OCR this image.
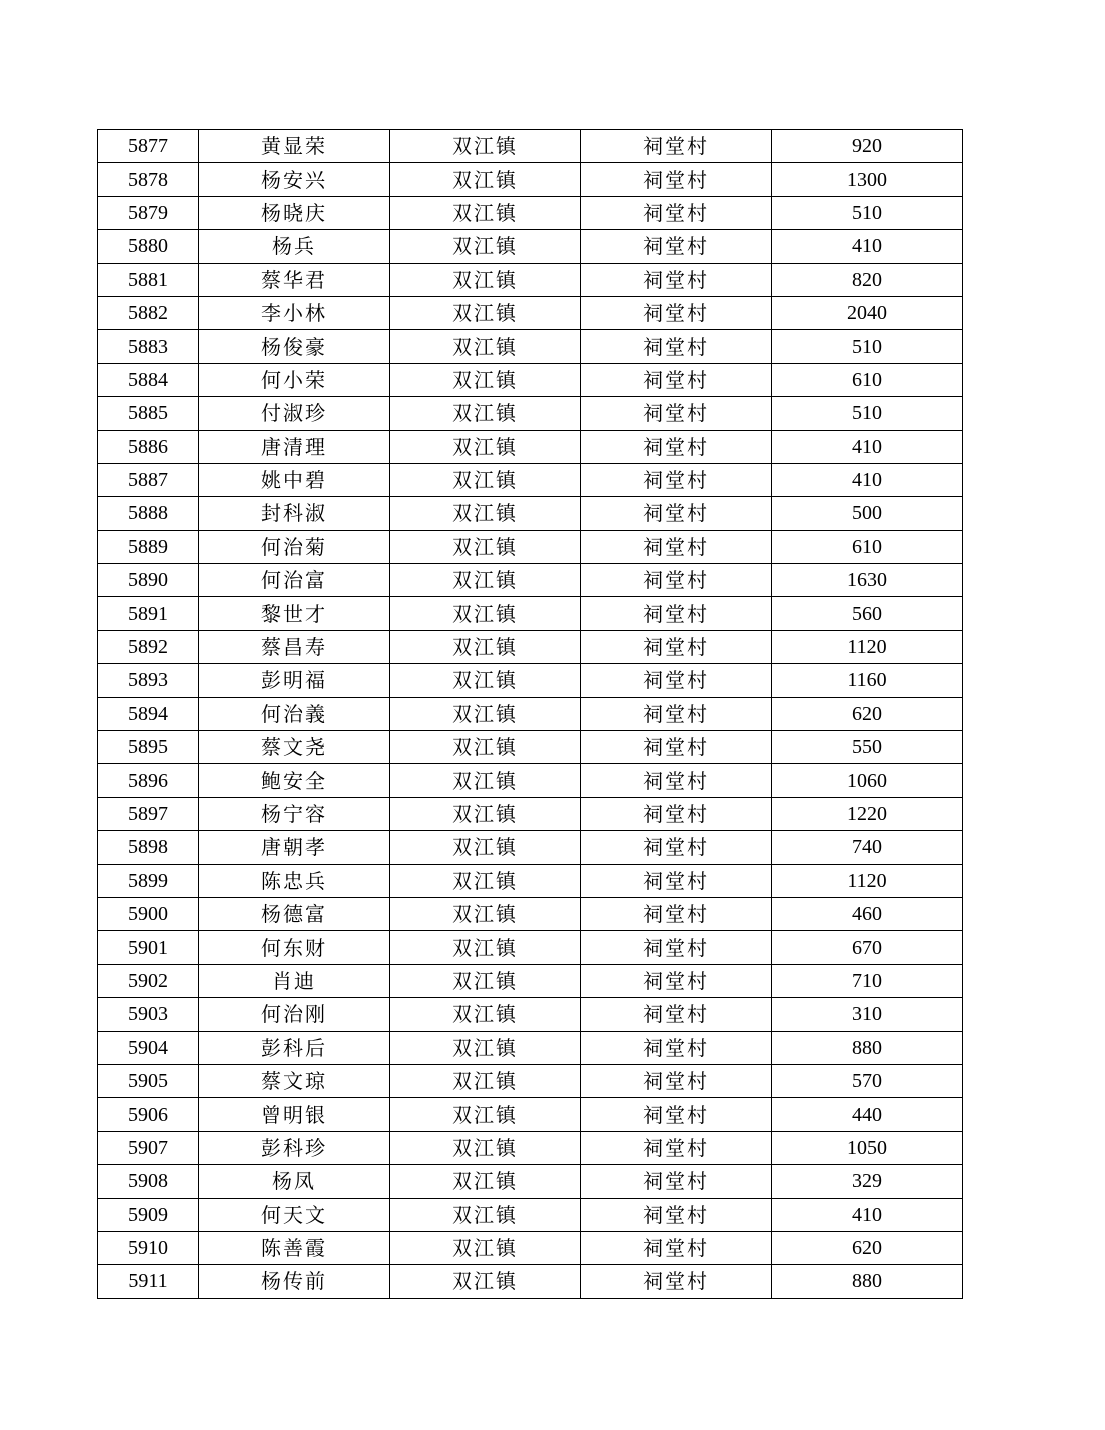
5877	黄显荣	双江镇	祠堂村	920
5878	杨安兴	双江镇	祠堂村	1300
5879	杨晓庆	双江镇	祠堂村	510
5880	杨兵	双江镇	祠堂村	410
5881	蔡华君	双江镇	祠堂村	820
5882	李小林	双江镇	祠堂村	2040
5883	杨俊豪	双江镇	祠堂村	510
5884	何小荣	双江镇	祠堂村	610
5885	付淑珍	双江镇	祠堂村	510
5886	唐清理	双江镇	祠堂村	410
5887	姚中碧	双江镇	祠堂村	410
5888	封科淑	双江镇	祠堂村	500
5889	何治菊	双江镇	祠堂村	610
5890	何治富	双江镇	祠堂村	1630
5891	黎世才	双江镇	祠堂村	560
5892	蔡昌寿	双江镇	祠堂村	1120
5893	彭明福	双江镇	祠堂村	1160
5894	何治義	双江镇	祠堂村	620
5895	蔡文尧	双江镇	祠堂村	550
5896	鲍安全	双江镇	祠堂村	1060
5897	杨宁容	双江镇	祠堂村	1220
5898	唐朝孝	双江镇	祠堂村	740
5899	陈忠兵	双江镇	祠堂村	1120
5900	杨德富	双江镇	祠堂村	460
5901	何东财	双江镇	祠堂村	670
5902	肖迪	双江镇	祠堂村	710
5903	何治刚	双江镇	祠堂村	310
5904	彭科后	双江镇	祠堂村	880
5905	蔡文琼	双江镇	祠堂村	570
5906	曾明银	双江镇	祠堂村	440
5907	彭科珍	双江镇	祠堂村	1050
5908	杨凤	双江镇	祠堂村	329
5909	何天文	双江镇	祠堂村	410
5910	陈善霞	双江镇	祠堂村	620
5911	杨传前	双江镇	祠堂村	880
